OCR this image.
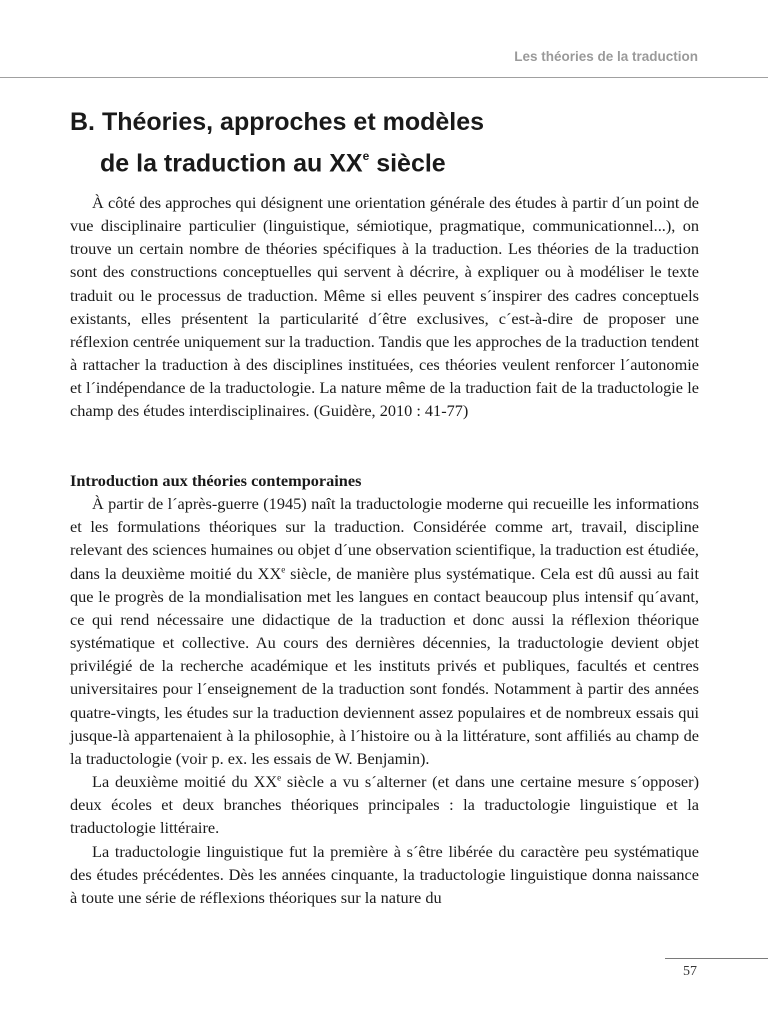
Les théories de la traduction
B. Théories, approches et modèles
de la traduction au XXe siècle

À côté des approches qui désignent une orientation générale des études à partir d´un point de vue disciplinaire particulier (linguistique, sémiotique, pragmatique, communicationnel...), on trouve un certain nombre de théories spécifiques à la traduction. Les théories de la traduction sont des constructions conceptuelles qui servent à décrire, à expliquer ou à modéliser le texte traduit ou le processus de traduction. Même si elles peuvent s´inspirer des cadres conceptuels existants, elles présentent la particularité d´être exclusives, c´est-à-dire de proposer une réflexion centrée uniquement sur la traduction. Tandis que les approches de la traduction tendent à rattacher la traduction à des disciplines instituées, ces théories veulent renforcer l´autonomie et l´indépendance de la traductologie. La nature même de la traduction fait de la traductologie le champ des études interdisciplinaires. (Guidère, 2010 : 41-77)

Introduction aux théories contemporaines

À partir de l´après-guerre (1945) naît la traductologie moderne qui recueille les informations et les formulations théoriques sur la traduction. Considérée comme art, travail, discipline relevant des sciences humaines ou objet d´une observation scientifique, la traduction est étudiée, dans la deuxième moitié du XXe siècle, de manière plus systématique. Cela est dû aussi au fait que le progrès de la mondialisation met les langues en contact beaucoup plus intensif qu´avant, ce qui rend nécessaire une didactique de la traduction et donc aussi la réflexion théorique systématique et collective. Au cours des dernières décennies, la traductologie devient objet privilégié de la recherche académique et les instituts privés et publiques, facultés et centres universitaires pour l´enseignement de la traduction sont fondés. Notamment à partir des années quatre-vingts, les études sur la traduction deviennent assez populaires et de nombreux essais qui jusque-là appartenaient à la philosophie, à l´histoire ou à la littérature, sont affiliés au champ de la traductologie (voir p. ex. les essais de W. Benjamin).

La deuxième moitié du XXe siècle a vu s´alterner (et dans une certaine mesure s´opposer) deux écoles et deux branches théoriques principales : la traductologie linguistique et la traductologie littéraire.

La traductologie linguistique fut la première à s´être libérée du caractère peu systématique des études précédentes. Dès les années cinquante, la traductologie linguistique donna naissance à toute une série de réflexions théoriques sur la nature du

57
